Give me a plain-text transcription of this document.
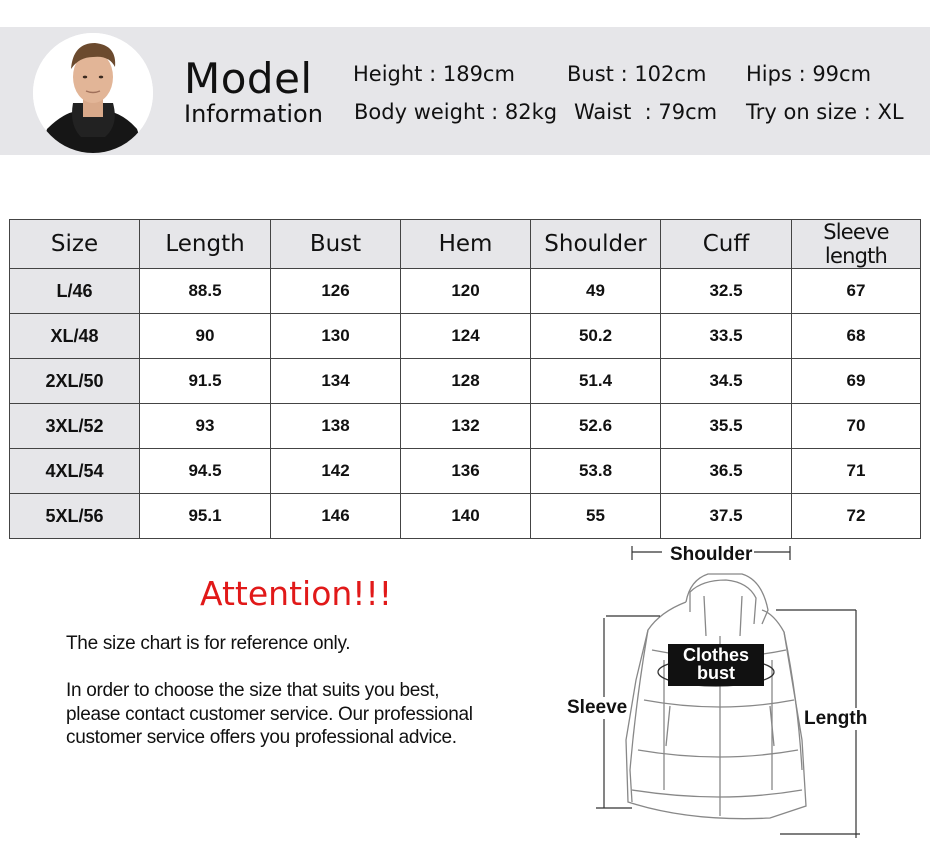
Model
Information
Height : 189cm Bust : 102cm Hips : 99cm
Body weight : 82kg Waist  : 79cm Try on size : XL
Size	Length	Bust	Hem	Shoulder	Cuff	Sleeve length
L/46	88.5	126	120	49	32.5	67
XL/48	90	130	124	50.2	33.5	68
2XL/50	91.5	134	128	51.4	34.5	69
3XL/52	93	138	132	52.6	35.5	70
4XL/54	94.5	142	136	53.8	36.5	71
5XL/56	95.1	146	140	55	37.5	72
Attention!!!
The size chart is for reference only.
In order to choose the size that suits you best,
please contact customer service. Our professional
customer service offers you professional advice.
Shoulder
Sleeve
Length
Clothes
bust
